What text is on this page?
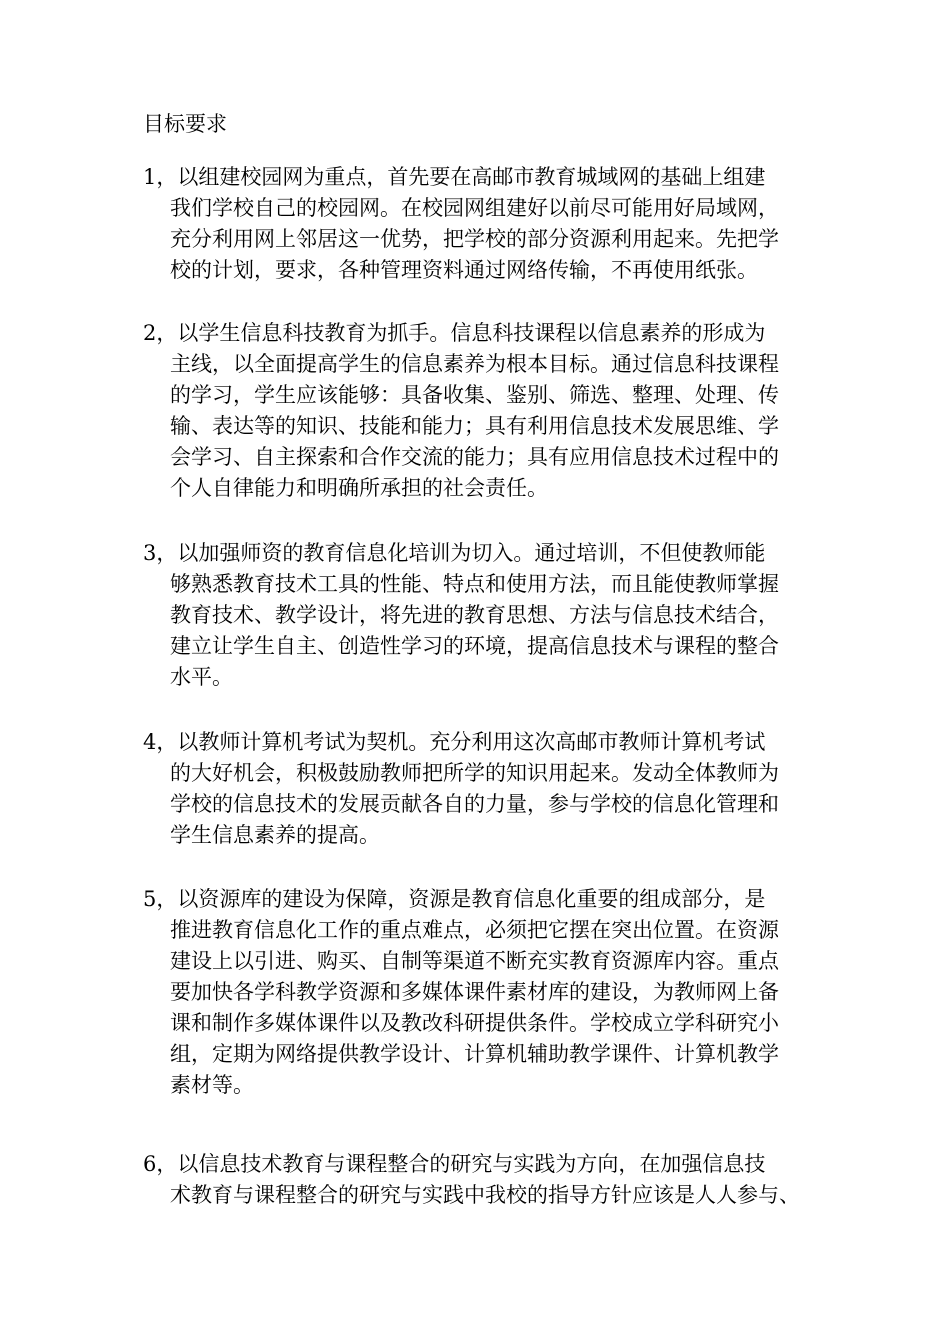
目标要求
1，以组建校园网为重点，首先要在高邮市教育城域网的基础上组建
我们学校自己的校园网。在校园网组建好以前尽可能用好局域网，
充分利用网上邻居这一优势，把学校的部分资源利用起来。先把学
校的计划，要求，各种管理资料通过网络传输，不再使用纸张。
2，以学生信息科技教育为抓手。信息科技课程以信息素养的形成为
主线，以全面提高学生的信息素养为根本目标。通过信息科技课程
的学习，学生应该能够：具备收集、鉴别、筛选、整理、处理、传
输、表达等的知识、技能和能力；具有利用信息技术发展思维、学
会学习、自主探索和合作交流的能力；具有应用信息技术过程中的
个人自律能力和明确所承担的社会责任。
3，以加强师资的教育信息化培训为切入。通过培训，不但使教师能
够熟悉教育技术工具的性能、特点和使用方法，而且能使教师掌握
教育技术、教学设计，将先进的教育思想、方法与信息技术结合，
建立让学生自主、创造性学习的环境，提高信息技术与课程的整合
水平。
4，以教师计算机考试为契机。充分利用这次高邮市教师计算机考试
的大好机会，积极鼓励教师把所学的知识用起来。发动全体教师为
学校的信息技术的发展贡献各自的力量，参与学校的信息化管理和
学生信息素养的提高。
5，以资源库的建设为保障，资源是教育信息化重要的组成部分，是
推进教育信息化工作的重点难点，必须把它摆在突出位置。在资源
建设上以引进、购买、自制等渠道不断充实教育资源库内容。重点
要加快各学科教学资源和多媒体课件素材库的建设，为教师网上备
课和制作多媒体课件以及教改科研提供条件。学校成立学科研究小
组，定期为网络提供教学设计、计算机辅助教学课件、计算机教学
素材等。
6，以信息技术教育与课程整合的研究与实践为方向，在加强信息技
术教育与课程整合的研究与实践中我校的指导方针应该是人人参与、
